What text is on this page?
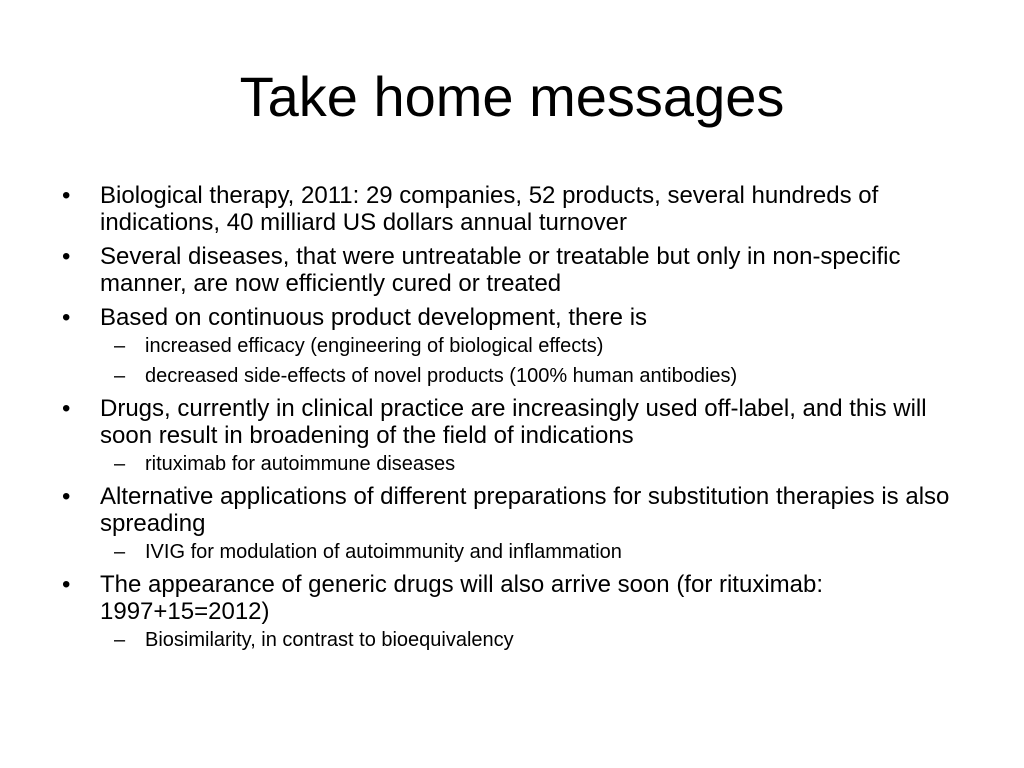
Take home messages
•	Biological therapy, 2011: 29 companies, 52 products, several hundreds of indications, 40 milliard US dollars annual turnover
•	Several diseases, that were untreatable or treatable but only in non-specific manner, are now efficiently cured or treated
•	Based on continuous product development, there is
– increased efficacy (engineering of biological effects)
– decreased side-effects of novel products (100% human antibodies)
•	Drugs, currently in clinical practice are increasingly used off-label, and this will soon result in broadening of the field of indications
– rituximab for autoimmune diseases
•	Alternative applications of different preparations for substitution therapies is also spreading
– IVIG for modulation of autoimmunity and inflammation
•	The appearance of generic drugs will also arrive soon (for rituximab: 1997+15=2012)
– Biosimilarity, in contrast to bioequivalency
